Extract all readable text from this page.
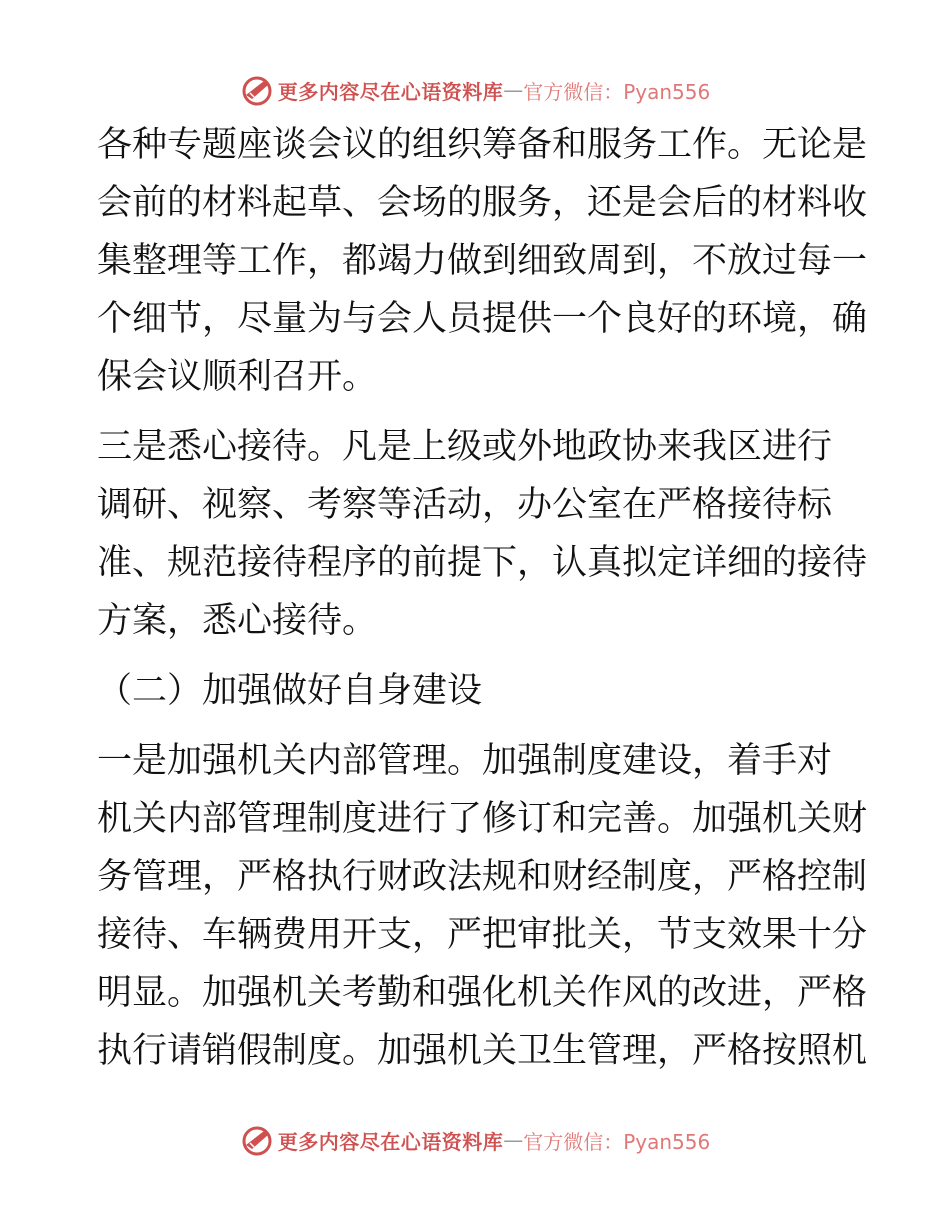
更多内容尽在心语资料库 — 官方微信：Pyan556
各种专题座谈会议的组织筹备和服务工作。无论是
会前的材料起草、会场的服务，还是会后的材料收
集整理等工作，都竭力做到细致周到，不放过每一
个细节，尽量为与会人员提供一个良好的环境，确
保会议顺利召开。
三是悉心接待。凡是上级或外地政协来我区进行
调研、视察、考察等活动，办公室在严格接待标
准、规范接待程序的前提下，认真拟定详细的接待
方案，悉心接待。
（二）加强做好自身建设
一是加强机关内部管理。加强制度建设，着手对
机关内部管理制度进行了修订和完善。加强机关财
务管理，严格执行财政法规和财经制度，严格控制
接待、车辆费用开支，严把审批关，节支效果十分
明显。加强机关考勤和强化机关作风的改进，严格
执行请销假制度。加强机关卫生管理，严格按照机
更多内容尽在心语资料库 — 官方微信：Pyan556
